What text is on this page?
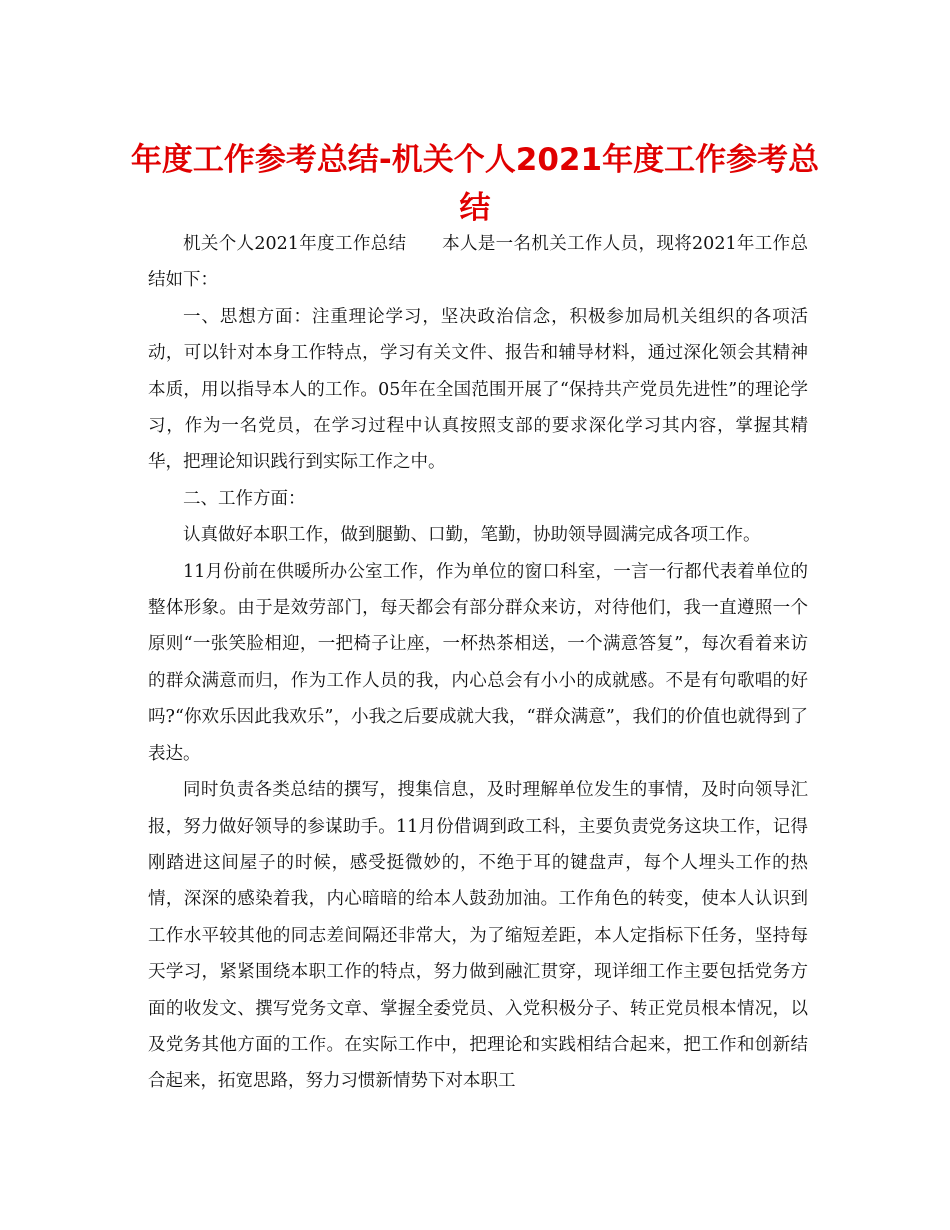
年度工作参考总结-机关个人2021年度工作参考总结

机关个人2021年度工作总结　　本人是一名机关工作人员，现将2021年工作总结如下：

一、思想方面：注重理论学习，坚决政治信念，积极参加局机关组织的各项活动，可以针对本身工作特点，学习有关文件、报告和辅导材料，通过深化领会其精神本质，用以指导本人的工作。05年在全国范围开展了“保持共产党员先进性”的理论学习，作为一名党员，在学习过程中认真按照支部的要求深化学习其内容，掌握其精华，把理论知识践行到实际工作之中。

二、工作方面：

认真做好本职工作，做到腿勤、口勤，笔勤，协助领导圆满完成各项工作。

11月份前在供暖所办公室工作，作为单位的窗口科室，一言一行都代表着单位的整体形象。由于是效劳部门，每天都会有部分群众来访，对待他们，我一直遵照一个原则“一张笑脸相迎，一把椅子让座，一杯热茶相送，一个满意答复”，每次看着来访的群众满意而归，作为工作人员的我，内心总会有小小的成就感。不是有句歌唱的好吗?“你欢乐因此我欢乐”，小我之后要成就大我，“群众满意”，我们的价值也就得到了表达。

同时负责各类总结的撰写，搜集信息，及时理解单位发生的事情，及时向领导汇报，努力做好领导的参谋助手。11月份借调到政工科，主要负责党务这块工作，记得刚踏进这间屋子的时候，感受挺微妙的，不绝于耳的键盘声，每个人埋头工作的热情，深深的感染着我，内心暗暗的给本人鼓劲加油。工作角色的转变，使本人认识到工作水平较其他的同志差间隔还非常大，为了缩短差距，本人定指标下任务，坚持每天学习，紧紧围绕本职工作的特点，努力做到融汇贯穿，现详细工作主要包括党务方面的收发文、撰写党务文章、掌握全委党员、入党积极分子、转正党员根本情况，以及党务其他方面的工作。在实际工作中，把理论和实践相结合起来，把工作和创新结合起来，拓宽思路，努力习惯新情势下对本职工
